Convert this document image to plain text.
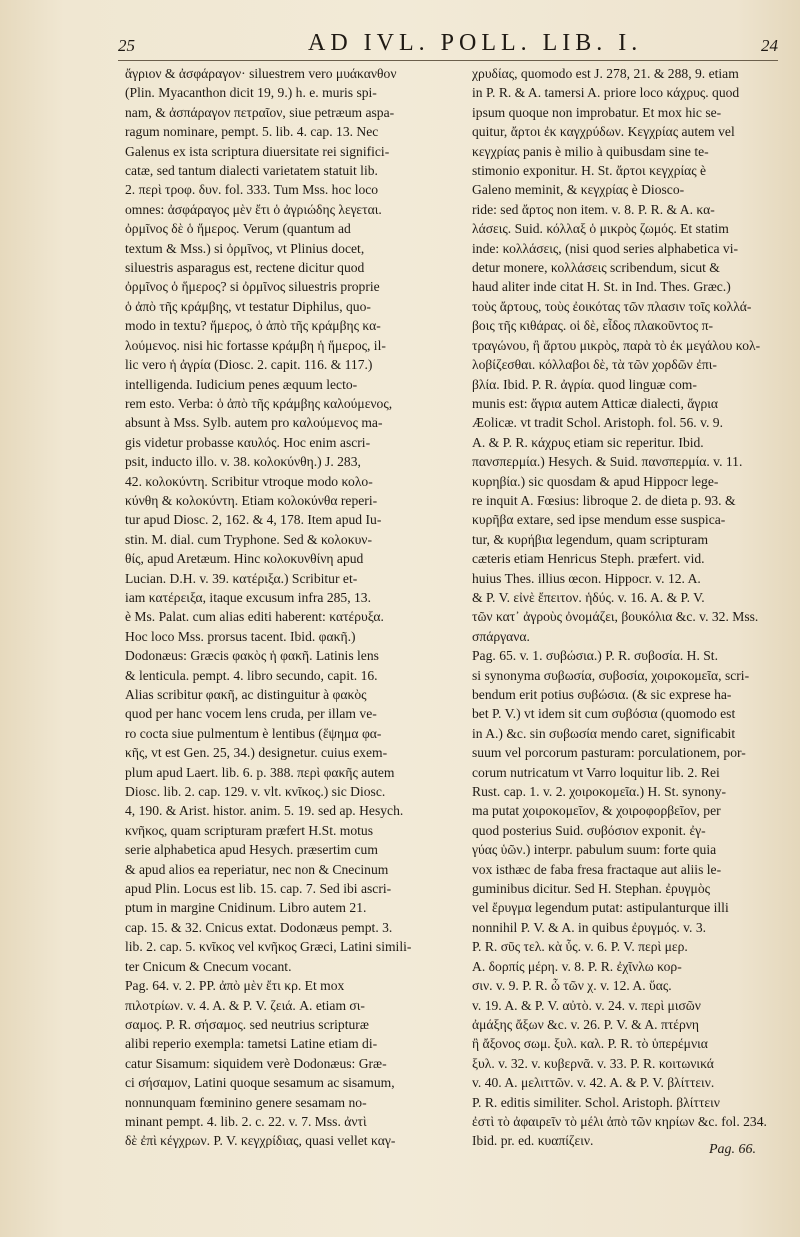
25	AD IVL. POLL. LIB. I.	24
ἄγριον & ἀσφάραγον· siluestrem vero μυάκανθον
(Plin. Myacanthon dicit 19, 9.) h. e. muris spi-
nam, & ἀσπάραγον πετραῖον, siue petræum aspa-
ragum nominare, pempt. 5. lib. 4. cap. 13. Nec
Galenus ex ista scriptura diuersitate rei significi-
catæ, sed tantum dialecti varietatem statuit lib.
2. περὶ τροφ. δυν. fol. 333. Tum Mss. hoc loco
omnes: ἀσφάραγος μὲν ἔτι ὁ ἀγριώδης λεγεται.
ὀρμῖνος δὲ ὁ ἥμερος. Verum (quantum ad
textum & Mss.) si ὀρμῖνος, vt Plinius docet,
siluestris asparagus est, rectene dicitur quod
ὀρμῖνος ὁ ἥμερος? si ὀρμῖνος siluestris proprie
ὁ ἀπὸ τῆς κράμβης, vt testatur Diphilus, quo-
modo in textu? ἥμερος, ὁ ἀπὸ τῆς κράμβης κα-
λούμενος. nisi hic fortasse κράμβη ἡ ἥμερος, il-
lic vero ἡ ἀγρία (Diosc. 2. capit. 116. & 117.)
intelligenda. Iudicium penes æquum lecto-
rem esto. Verba: ὁ ἀπὸ τῆς κράμβης καλούμενος,
absunt à Mss. Sylb. autem pro καλούμενος ma-
gis videtur probasse καυλός. Hoc enim ascri-
psit, inducto illo. v. 38. κολοκύνθη.) J. 283,
42. κολοκύντη. Scribitur vtroque modo κολο-
κύνθη & κολοκύντη. Etiam κολοκύνθα reperi-
tur apud Diosc. 2, 162. & 4, 178. Item apud Iu-
stin. M. dial. cum Tryphone. Sed & κολοκυν-
θίς, apud Aretæum. Hinc κολοκυνθίνη apud
Lucian. D.H. v. 39. κατέριξα.) Scribitur et-
iam κατέρειξα, itaque excusum infra 285, 13.
è Ms. Palat. cum alias editi haberent: κατέρυξα.
Hoc loco Mss. prorsus tacent. Ibid. φακῆ.)
Dodonæus: Græcis φακὸς ἡ φακῆ. Latinis lens
& lenticula. pempt. 4. libro secundo, capit. 16.
Alias scribitur φακῆ, ac distinguitur à φακὸς
quod per hanc vocem lens cruda, per illam ve-
ro cocta siue pulmentum è lentibus (ἕψημα φα-
κῆς, vt est Gen. 25, 34.) designetur. cuius exem-
plum apud Laert. lib. 6. p. 388. περὶ φακῆς autem
Diosc. lib. 2. cap. 129. v. vlt. κνῖκος.) sic Diosc.
4, 190. & Arist. histor. anim. 5. 19. sed ap. Hesych.
κνῆκος, quam scripturam præfert H.St. motus
serie alphabetica apud Hesych. præsertim cum
& apud alios ea reperiatur, nec non & Cnecinum
apud Plin. Locus est lib. 15. cap. 7. Sed ibi ascri-
ptum in margine Cnidinum. Libro autem 21.
cap. 15. & 32. Cnicus extat. Dodonæus pempt. 3.
lib. 2. cap. 5. κνῖκος vel κνῆκος Græci, Latini simili-
ter Cnicum & Cnecum vocant.
Pag. 64. v. 2. PP. ἀπὸ μὲν ἔτι κρ. Et mox
πιλοτρίων. v. 4. A. & P. V. ζειά. A. etiam σι-
σαμος. P. R. σήσαμος. sed neutrius scripturæ
alibi reperio exempla: tametsi Latine etiam di-
catur Sisamum: siquidem verè Dodonæus: Græ-
ci σήσαμον, Latini quoque sesamum ac sisamum,
nonnunquam fœminino genere sesamam no-
minant pempt. 4. lib. 2. c. 22. v. 7. Mss. ἀντὶ
δὲ ἐπὶ κέγχρων. P. V. κεγχρίδιας, quasi vellet καγ-
χρυδίας, quomodo est J. 278, 21. & 288, 9. etiam
in P. R. & A. tamersi A. priore loco κάχρυς. quod
ipsum quoque non improbatur. Et mox hic se-
quitur, ἄρτοι ἐκ καγχρύδων. Κεγχρίας autem vel
κεγχρίας panis è milio à quibusdam sine te-
stimonio exponitur. H. St. ἄρτοι κεγχρίας è
Galeno meminit, & κεγχρίας è Diosco-
ride: sed ἄρτος non item. v. 8. P. R. & A. κα-
λάσεις. Suid. κόλλαξ ὁ μικρὸς ζωμός. Et statim
inde: κολλάσεις, (nisi quod series alphabetica vi-
detur monere, κολλάσεις scribendum, sicut &
haud aliter inde citat H. St. in Ind. Thes. Græc.)
τοὺς ἄρτους, τοὺς ἐοικότας τῶν πλασιν τοῖς κολλά-
βοις τῆς κιθάρας. οἱ δὲ, εἶδος πλακοῦντος π-
τραγώνου, ἢ ἄρτου μικρὸς, παρὰ τὸ ἐκ μεγάλου κολ-
λοβίζεσθαι. κόλλαβοι δὲ, τὰ τῶν χορδῶν ἐπι-
βλία. Ibid. P. R. ἀγρία. quod linguæ com-
munis est: ἄγρια autem Atticæ dialecti, ἄγρια
Æolicæ. vt tradit Schol. Aristoph. fol. 56. v. 9.
A. & P. R. κάχρυς etiam sic reperitur. Ibid.
πανσπερμία.) Hesych. & Suid. πανσπερμία. v. 11.
κυρηβία.) sic quosdam & apud Hippocr lege-
re inquit A. Fœsius: libroque 2. de dieta p. 93. &
κυρῆβα extare, sed ipse mendum esse suspica-
tur, & κυρήβια legendum, quam scripturam
cæteris etiam Henricus Steph. præfert. vid.
huius Thes. illius œcon. Hippocr. v. 12. A.
& P. V. εἰνὲ ἔπειτον. ἡδύς. v. 16. A. & P. V.
τῶν κατ᾽ ἀγροὺς ὀνομάζει, βουκόλια &c. v. 32. Mss.
σπάργανα.
Pag. 65. v. 1. συβώσια.) P. R. συβοσία. H. St.
si synonyma συβωσία, συβοσία, χοιροκομεῖα, scri-
bendum erit potius συβώσια. (& sic exprese ha-
bet P. V.) vt idem sit cum συβόσια (quomodo est
in A.) &c. sin συβωσία mendo caret, significabit
suum vel porcorum pasturam: porculationem, por-
corum nutricatum vt Varro loquitur lib. 2. Rei
Rust. cap. 1. v. 2. χοιροκομεῖα.) H. St. synony-
ma putat χοιροκομεῖον, & χοιροφορβεῖον, per
quod posterius Suid. συβόσιον exponit. ἐγ-
γύας ὑῶν.) interpr. pabulum suum: forte quia
vox isthæc de faba fresa fractaque aut aliis le-
guminibus dicitur. Sed H. Stephan. ἐρυγμὸς
vel ἔρυγμα legendum putat: astipulanturque illi
nonnihil P. V. & A. in quibus ἐρυγμός. v. 3.
P. R. σῦς τελ. κὰ ὗς. v. 6. P. V. περὶ μερ.
A. δορπίς μέρη. v. 8. P. R. ἐχῖνλω κορ-
σιν. v. 9. P. R. ὧ τῶν χ. v. 12. A. ὕας.
v. 19. A. & P. V. αὐτὸ. v. 24. v. περὶ μισῶν
ἀμάξης ἄξων &c. v. 26. P. V. & A. πτέρνη
ἢ ἄξονος σωμ. ξυλ. καλ. P. R. τὸ ὑπερέμνια
ξυλ. v. 32. v. κυβερνᾶ. v. 33. P. R. κοιτωνικά
v. 40. A. μελιττῶν. v. 42. A. & P. V. βλίττειν.
P. R. editis similiter. Schol. Aristoph. βλίττειν
ἐστὶ τὸ ἀφαιρεῖν τὸ μέλι ἀπὸ τῶν κηρίων &c. fol. 234.
Ibid. pr. ed. κυαπίζειν.
Pag. 66.
